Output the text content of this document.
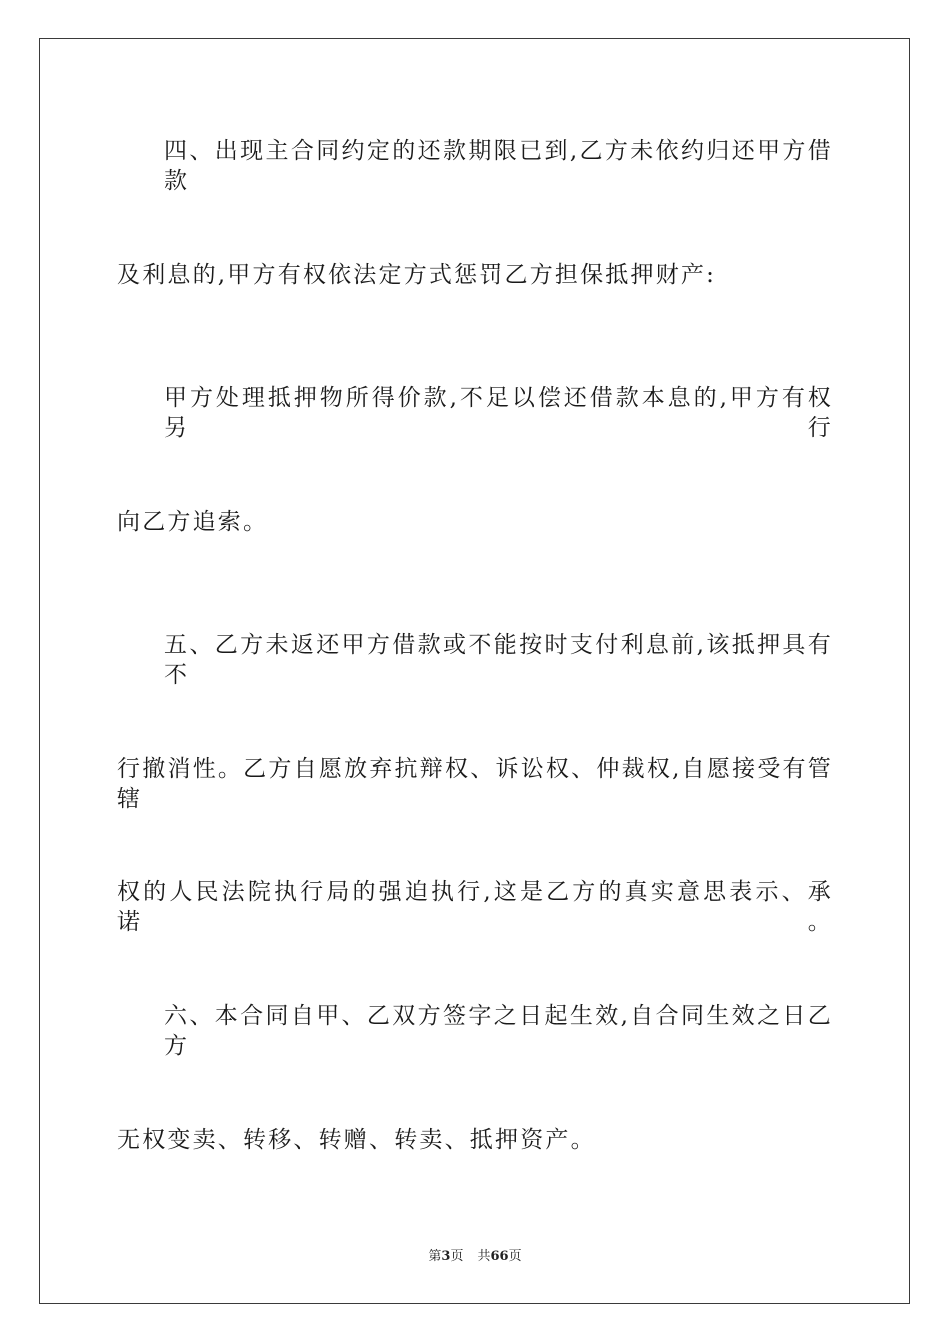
四、出现主合同约定的还款期限已到,乙方未依约归还甲方借款
及利息的,甲方有权依法定方式惩罚乙方担保抵押财产:
甲方处理抵押物所得价款,不足以偿还借款本息的,甲方有权另行
向乙方追索。
五、乙方未返还甲方借款或不能按时支付利息前,该抵押具有不
行撤消性。乙方自愿放弃抗辩权、诉讼权、仲裁权,自愿接受有管辖
权的人民法院执行局的强迫执行,这是乙方的真实意思表示、承诺。
六、本合同自甲、乙双方签字之日起生效,自合同生效之日乙方
无权变卖、转移、转赠、转卖、抵押资产。
第3页 共66页
